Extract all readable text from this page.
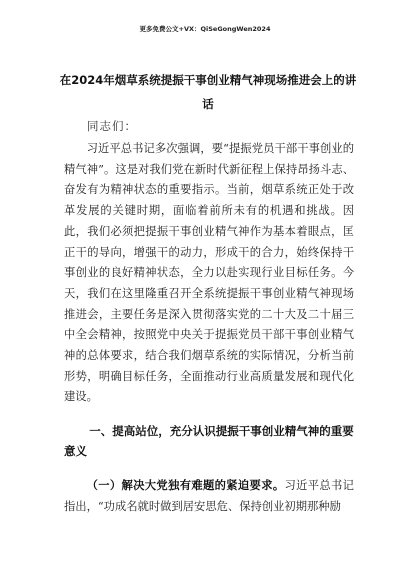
更多免费公文+VX：QiSeGongWen2024
在2024年烟草系统提振干事创业精气神现场推进会上的讲话
同志们：
习近平总书记多次强调，要“提振党员干部干事创业的精气神”。这是对我们党在新时代新征程上保持昂扬斗志、奋发有为精神状态的重要指示。当前，烟草系统正处于改革发展的关键时期，面临着前所未有的机遇和挑战。因此，我们必须把提振干事创业精气神作为基本着眼点，匡正干的导向，增强干的动力，形成干的合力，始终保持干事创业的良好精神状态，全力以赴实现行业目标任务。今天，我们在这里隆重召开全系统提振干事创业精气神现场推进会，主要任务是深入贯彻落实党的二十大及二十届三中全会精神，按照党中央关于提振党员干部干事创业精气神的总体要求，结合我们烟草系统的实际情况，分析当前形势，明确目标任务，全面推动行业高质量发展和现代化建设。
一、提高站位，充分认识提振干事创业精气神的重要意义
（一）解决大党独有难题的紧迫要求。习近平总书记指出，“功成名就时做到居安思危、保持创业初期那种励
